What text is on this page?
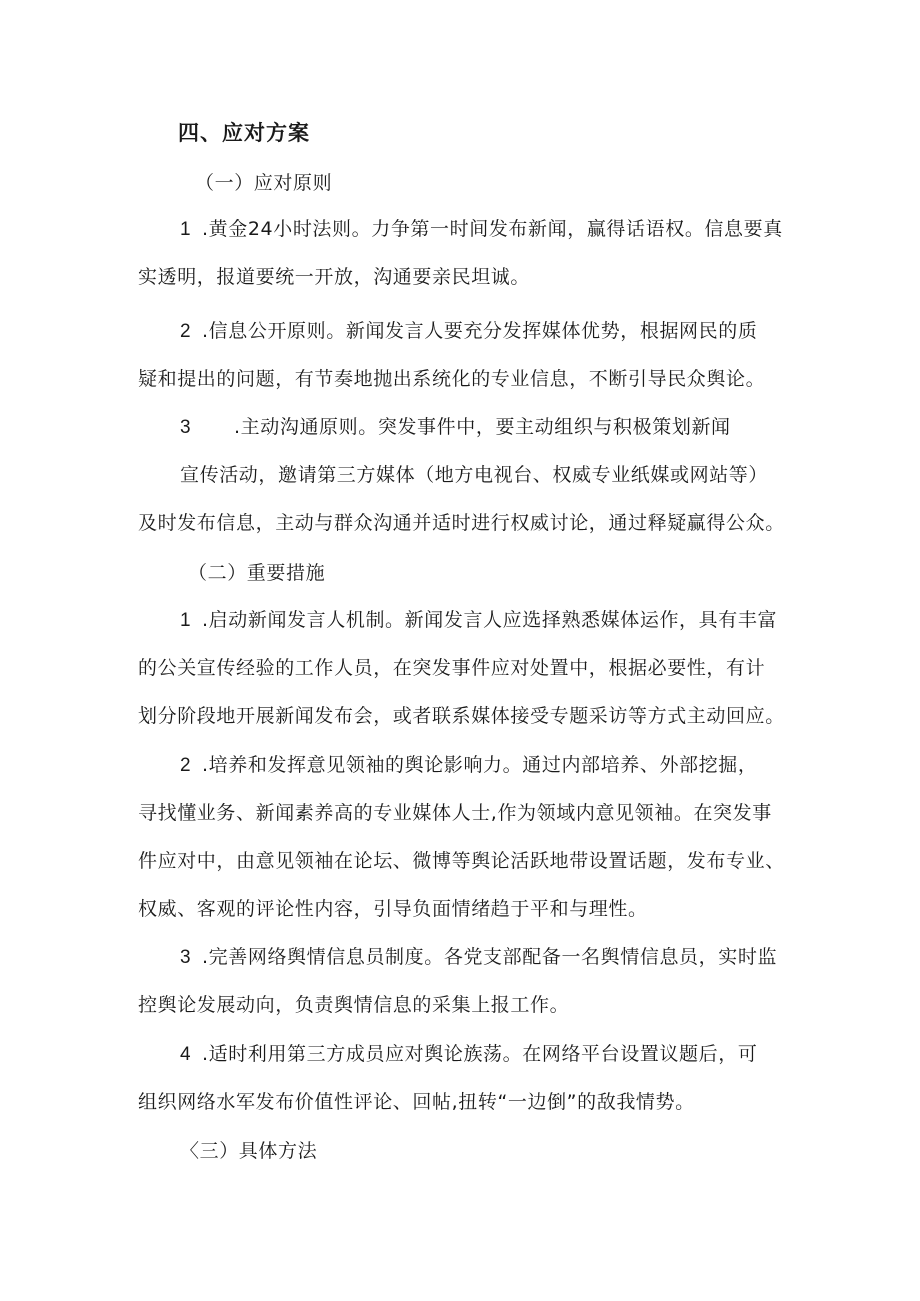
四、应对方案

（一）应对原则

1 .黄金24小时法则。力争第一时间发布新闻，赢得话语权。信息要真

实透明，报道要统一开放，沟通要亲民坦诚。

2 .信息公开原则。新闻发言人要充分发挥媒体优势，根据网民的质

疑和提出的问题，有节奏地抛出系统化的专业信息，不断引导民众舆论。

3 .主动沟通原则。突发事件中，要主动组织与积极策划新闻

宣传活动，邀请第三方媒体（地方电视台、权威专业纸媒或网站等）

及时发布信息，主动与群众沟通并适时进行权威讨论，通过释疑赢得公众。

（二）重要措施

1 .启动新闻发言人机制。新闻发言人应选择熟悉媒体运作，具有丰富

的公关宣传经验的工作人员，在突发事件应对处置中，根据必要性，有计

划分阶段地开展新闻发布会，或者联系媒体接受专题采访等方式主动回应。

2 .培养和发挥意见领袖的舆论影响力。通过内部培养、外部挖掘，

寻找懂业务、新闻素养高的专业媒体人士,作为领域内意见领袖。在突发事

件应对中，由意见领袖在论坛、微博等舆论活跃地带设置话题，发布专业、

权威、客观的评论性内容，引导负面情绪趋于平和与理性。

3 .完善网络舆情信息员制度。各党支部配备一名舆情信息员，实时监

控舆论发展动向，负责舆情信息的采集上报工作。

4 .适时利用第三方成员应对舆论族荡。在网络平台设置议题后，可

组织网络水军发布价值性评论、回帖,扭转“一边倒”的敌我情势。

〈三）具体方法
